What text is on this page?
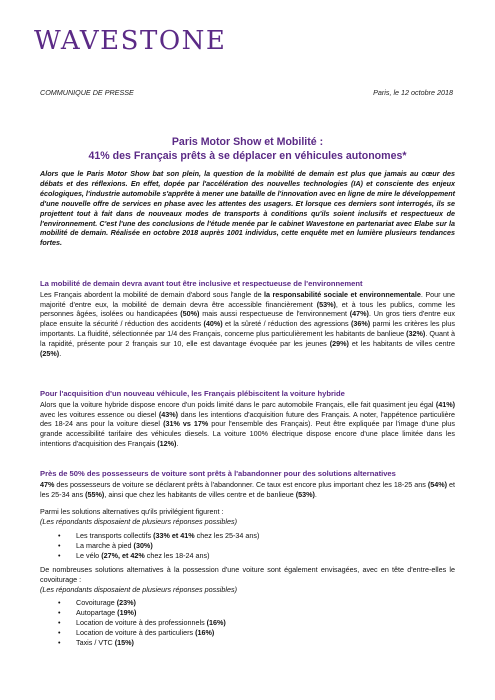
WAVESTONE
COMMUNIQUE DE PRESSE	Paris, le 12 octobre 2018
Paris Motor Show et Mobilité :
41% des Français prêts à se déplacer en véhicules autonomes*
Alors que le Paris Motor Show bat son plein, la question de la mobilité de demain est plus que jamais au cœur des débats et des réflexions. En effet, dopée par l'accélération des nouvelles technologies (IA) et consciente des enjeux écologiques, l'industrie automobile s'apprête à mener une bataille de l'innovation avec en ligne de mire le développement d'une nouvelle offre de services en phase avec les attentes des usagers. Et lorsque ces derniers sont interrogés, ils se projettent tout à fait dans de nouveaux modes de transports à conditions qu'ils soient inclusifs et respectueux de l'environnement. C'est l'une des conclusions de l'étude menée par le cabinet Wavestone en partenariat avec Elabe sur la mobilité de demain. Réalisée en octobre 2018 auprès 1001 individus, cette enquête met en lumière plusieurs tendances fortes.
La mobilité de demain devra avant tout être inclusive et respectueuse de l'environnement

Les Français abordent la mobilité de demain d'abord sous l'angle de la responsabilité sociale et environnementale. Pour une majorité d'entre eux, la mobilité de demain devra être accessible financièrement (53%), et à tous les publics, comme les personnes âgées, isolées ou handicapées (50%) mais aussi respectueuse de l'environnement (47%). Un gros tiers d'entre eux place ensuite la sécurité / réduction des accidents (40%) et la sûreté / réduction des agressions (36%) parmi les critères les plus importants. La fluidité, sélectionnée par 1/4 des Français, concerne plus particulièrement les habitants de banlieue (32%). Quant à la rapidité, présente pour 2 français sur 10, elle est davantage évoquée par les jeunes (29%) et les habitants de villes centre (25%).

Pour l'acquisition d'un nouveau véhicule, les Français plébiscitent la voiture hybride

Alors que la voiture hybride dispose encore d'un poids limité dans le parc automobile Français, elle fait quasiment jeu égal (41%) avec les voitures essence ou diesel (43%) dans les intentions d'acquisition future des Français. A noter, l'appétence particulière des 18-24 ans pour la voiture diesel (31% vs 17% pour l'ensemble des Français). Peut être expliquée par l'image d'une plus grande accessibilité tarifaire des véhicules diesels. La voiture 100% électrique dispose encore d'une place limitée dans les intentions d'acquisition des Français (12%).

Près de 50% des possesseurs de voiture sont prêts à l'abandonner pour des solutions alternatives

47% des possesseurs de voiture se déclarent prêts à l'abandonner. Ce taux est encore plus important chez les 18-25 ans (54%) et les 25-34 ans (55%), ainsi que chez les habitants de villes centre et de banlieue (53%).

Parmi les solutions alternatives qu'ils privilégient figurent :

(Les répondants disposaient de plusieurs réponses possibles)

• Les transports collectifs (33% et 41% chez les 25-34 ans)
• La marche à pied (30%)
• Le vélo (27%, et 42% chez les 18-24 ans)

De nombreuses solutions alternatives à la possession d'une voiture sont également envisagées, avec en tête d'entre-elles le covoiturage :

(Les répondants disposaient de plusieurs réponses possibles)

• Covoiturage (23%)
• Autopartage (19%)
• Location de voiture à des professionnels (16%)
• Location de voiture à des particuliers (16%)
• Taxis / VTC (15%)
